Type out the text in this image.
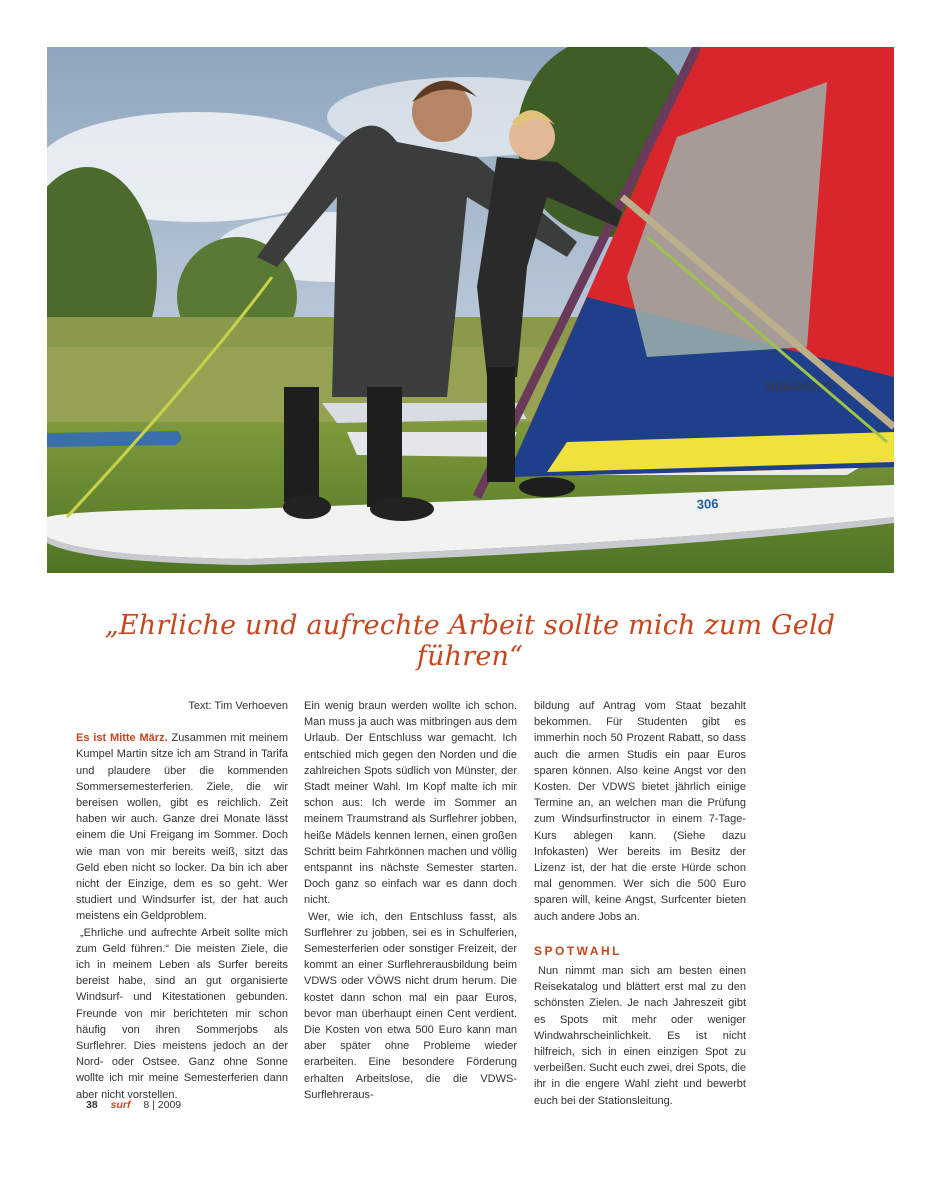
306
convertible
„Ehrliche und aufrechte Arbeit sollte mich zum Geld führen“

Text: Tim Verhoeven

Es ist Mitte März. Zusammen mit meinem Kumpel Martin sitze ich am Strand in Tarifa und plaudere über die kommenden Sommersemesterferien. Ziele, die wir bereisen wollen, gibt es reichlich. Zeit haben wir auch. Ganze drei Monate lässt einem die Uni Freigang im Sommer. Doch wie man von mir bereits weiß, sitzt das Geld eben nicht so locker. Da bin ich aber nicht der Einzige, dem es so geht. Wer studiert und Windsurfer ist, der hat auch meistens ein Geldproblem.

„Ehrliche und aufrechte Arbeit sollte mich zum Geld führen.“ Die meisten Ziele, die ich in meinem Leben als Surfer bereits bereist habe, sind an gut organisierte Windsurf- und Kitestationen gebunden. Freunde von mir berichteten mir schon häufig von ihren Sommerjobs als Surflehrer. Dies meistens jedoch an der Nord- oder Ostsee. Ganz ohne Sonne wollte ich mir meine Semesterferien dann aber nicht vorstellen.

Ein wenig braun werden wollte ich schon. Man muss ja auch was mitbringen aus dem Urlaub. Der Entschluss war gemacht. Ich entschied mich gegen den Norden und die zahlreichen Spots südlich von Münster, der Stadt meiner Wahl. Im Kopf malte ich mir schon aus: Ich werde im Sommer an meinem Traumstrand als Surflehrer jobben, heiße Mädels kennen lernen, einen großen Schritt beim Fahrkönnen machen und völlig entspannt ins nächste Semester starten. Doch ganz so einfach war es dann doch nicht.

Wer, wie ich, den Entschluss fasst, als Surflehrer zu jobben, sei es in Schulferien, Semesterferien oder sonstiger Freizeit, der kommt an einer Surflehrerausbildung beim VDWS oder VÖWS nicht drum herum. Die kostet dann schon mal ein paar Euros, bevor man überhaupt einen Cent verdient. Die Kosten von etwa 500 Euro kann man aber später ohne Probleme wieder erarbeiten. Eine besondere Förderung erhalten Arbeitslose, die die VDWS-Surflehreraus-

bildung auf Antrag vom Staat bezahlt bekommen. Für Studenten gibt es immerhin noch 50 Prozent Rabatt, so dass auch die armen Studis ein paar Euros sparen können. Also keine Angst vor den Kosten. Der VDWS bietet jährlich einige Termine an, an welchen man die Prüfung zum Windsurfinstructor in einem 7-Tage-Kurs ablegen kann. (Siehe dazu Infokasten) Wer bereits im Besitz der Lizenz ist, der hat die erste Hürde schon mal genommen. Wer sich die 500 Euro sparen will, keine Angst, Surfcenter bieten auch andere Jobs an.

SPOTWAHL

Nun nimmt man sich am besten einen Reisekatalog und blättert erst mal zu den schönsten Zielen. Je nach Jahreszeit gibt es Spots mit mehr oder weniger Windwahrscheinlichkeit. Es ist nicht hilfreich, sich in einen einzigen Spot zu verbeißen. Sucht euch zwei, drei Spots, die ihr in die engere Wahl zieht und bewerbt euch bei der Stationsleitung.

38 surf 8 | 2009
